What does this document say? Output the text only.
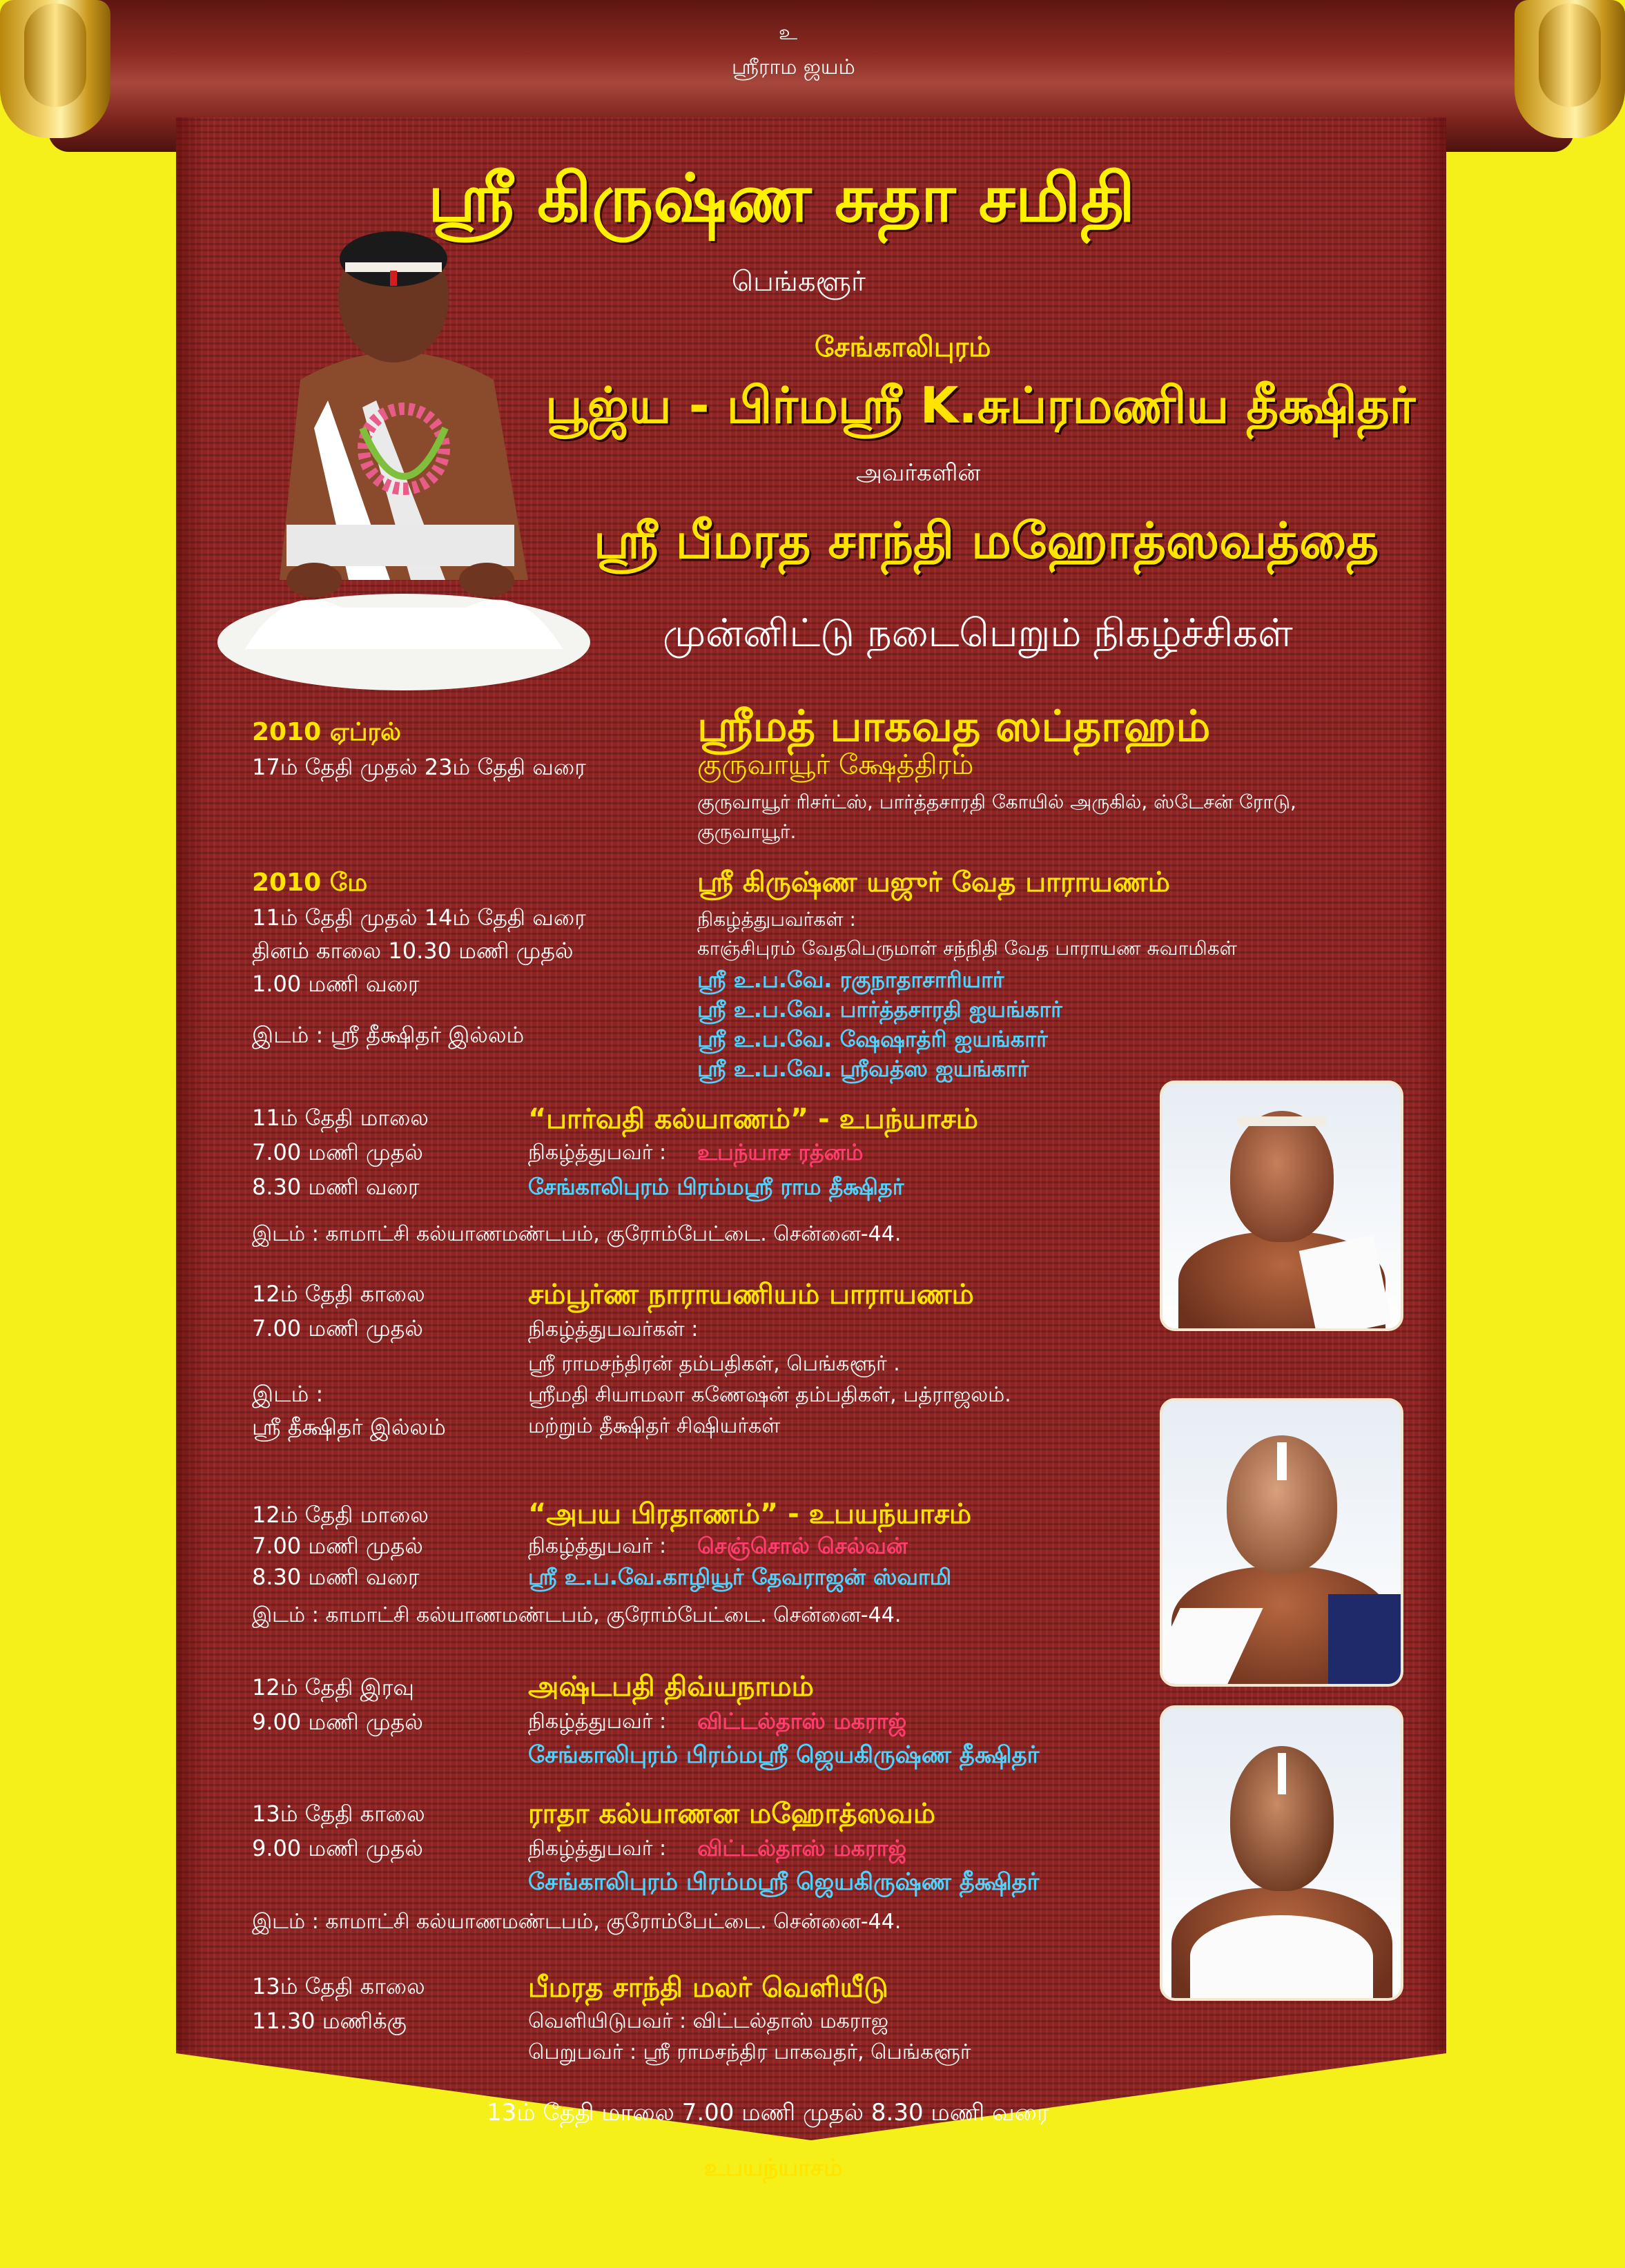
உ
ஸ்ரீராம ஜயம்
ஸ்ரீ கிருஷ்ண சுதா சமிதி
பெங்களூர்
சேங்காலிபுரம்
பூஜ்ய - பிர்மஸ்ரீ K.சுப்ரமணிய தீக்ஷிதர்
அவர்களின்
ஸ்ரீ பீமரத சாந்தி மஹோத்ஸவத்தை
முன்னிட்டு நடைபெறும் நிகழ்ச்சிகள்
2010 ஏப்ரல்
17ம் தேதி முதல் 23ம் தேதி வரை
ஸ்ரீமத் பாகவத ஸப்தாஹம்
குருவாயூர் க்ஷேத்திரம்
குருவாயூர் ரிசர்ட்ஸ், பார்த்தசாரதி கோயில் அருகில், ஸ்டேசன் ரோடு,
குருவாயூர்.
2010 மே
11ம் தேதி முதல் 14ம் தேதி வரை
தினம் காலை 10.30 மணி முதல்
1.00 மணி வரை
இடம் : ஸ்ரீ தீக்ஷிதர் இல்லம்
ஸ்ரீ கிருஷ்ண யஜுர் வேத பாராயணம்
நிகழ்த்துபவர்கள் :
காஞ்சிபுரம் வேதபெருமாள் சந்நிதி வேத பாராயண சுவாமிகள்
ஸ்ரீ உ.ப.வே. ரகுநாதாசாரியார்
ஸ்ரீ உ.ப.வே. பார்த்தசாரதி ஐயங்கார்
ஸ்ரீ உ.ப.வே. ஷேஷாத்ரி ஐயங்கார்
ஸ்ரீ உ.ப.வே. ஸ்ரீவத்ஸ ஐயங்கார்
11ம் தேதி மாலை
7.00 மணி முதல்
8.30 மணி வரை
“பார்வதி கல்யாணம்” - உபந்யாசம்
நிகழ்த்துபவர் : உபந்யாச ரத்னம்
சேங்காலிபுரம் பிரம்மஸ்ரீ ராம தீக்ஷிதர்
இடம் : காமாட்சி கல்யாணமண்டபம், குரோம்பேட்டை. சென்னை-44.
12ம் தேதி காலை
7.00 மணி முதல்
இடம் :
ஸ்ரீ தீக்ஷிதர் இல்லம்
சம்பூர்ண நாராயணியம் பாராயணம்
நிகழ்த்துபவர்கள் :
ஸ்ரீ ராமசந்திரன் தம்பதிகள், பெங்களூர் .
ஸ்ரீமதி சியாமலா கணேஷன் தம்பதிகள், பத்ராஜலம்.
மற்றும் தீக்ஷிதர் சிஷியர்கள்
12ம் தேதி மாலை
7.00 மணி முதல்
8.30 மணி வரை
“அபய பிரதாணம்” - உபயந்யாசம்
நிகழ்த்துபவர் : செஞ்சொல் செல்வன்
ஸ்ரீ உ.ப.வே.காழியூர் தேவராஜன் ஸ்வாமி
இடம் : காமாட்சி கல்யாணமண்டபம், குரோம்பேட்டை. சென்னை-44.
12ம் தேதி இரவு
9.00 மணி முதல்
அஷ்டபதி திவ்யநாமம்
நிகழ்த்துபவர் : விட்டல்தாஸ் மகராஜ்
சேங்காலிபுரம் பிரம்மஸ்ரீ ஜெயகிருஷ்ண தீக்ஷிதர்
13ம் தேதி காலை
9.00 மணி முதல்
ராதா கல்யாணன மஹோத்ஸவம்
நிகழ்த்துபவர் : விட்டல்தாஸ் மகராஜ்
சேங்காலிபுரம் பிரம்மஸ்ரீ ஜெயகிருஷ்ண தீக்ஷிதர்
இடம் : காமாட்சி கல்யாணமண்டபம், குரோம்பேட்டை. சென்னை-44.
13ம் தேதி காலை
11.30 மணிக்கு
பீமரத சாந்தி மலர் வெளியீடு
வெளியிடுபவர் : விட்டல்தாஸ் மகராஜ
பெறுபவர் : ஸ்ரீ ராமசந்திர பாகவதர், பெங்களூர்
13ம் தேதி மாலை 7.00 மணி முதல் 8.30 மணி வரை
உபயந்யாசம்
